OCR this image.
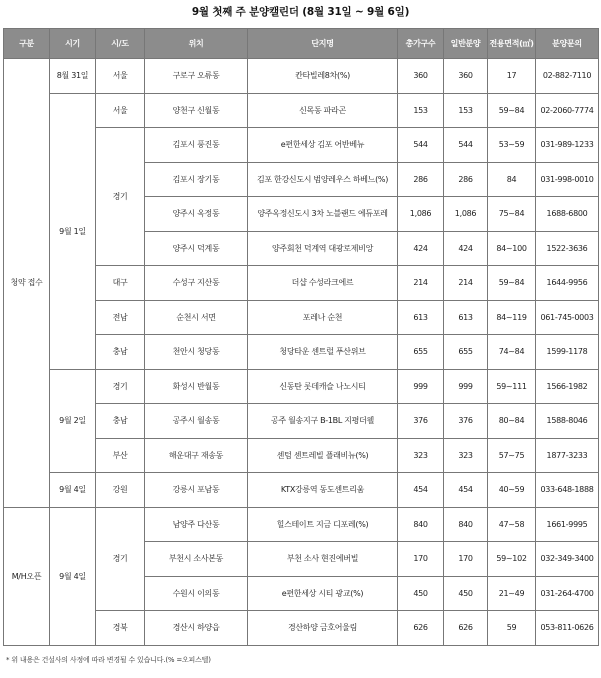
9월 첫째 주 분양캘린더 (8월 31일 ~ 9월 6일)
구분	시기	시/도	위치	단지명	총가구수	일반분양	전용면적(㎡)	분양문의
청약 접수	8월 31일	서울	구로구 오류동	칸타빌레8차(%)	360	360	17	02-882-7110
	9월 1일	서울	양천구 신월동	신목동 파라곤	153	153	59~84	02-2060-7774
		경기	김포시 풍진동	e편한세상 김포 어반베뉴	544	544	53~59	031-989-1233
			김포시 장기동	김포 한강신도시 범양레우스 하베느(%)	286	286	84	031-998-0010
			양주시 옥정동	양주옥정신도시 3차 노블랜드 에듀포레	1,086	1,086	75~84	1688-6800
			양주시 덕계동	양주회천 덕계역 대광로제비앙	424	424	84~100	1522-3636
		대구	수성구 지산동	더샵 수성라크에르	214	214	59~84	1644-9956
		전남	순천시 서면	포레나 순천	613	613	84~119	061-745-0003
		충남	천안시 청당동	청당타운 센트럴 푸산위브	655	655	74~84	1599-1178
	9월 2일	경기	화성시 반월동	신동탄 롯데캐슬 나노시티	999	999	59~111	1566-1982
		충남	공주시 월송동	공주 월송지구 B-1BL 지평더웰	376	376	80~84	1588-8046
		부산	해운대구 재송동	센텀 센트레빌 플래비뉴(%)	323	323	57~75	1877-3233
	9월 4일	강원	강릉시 포남동	KTX강릉역 동도센트리움	454	454	40~59	033-648-1888
M/H오픈	9월 4일	경기	남양주 다산동	힐스테이트 지금 디포레(%)	840	840	47~58	1661-9995
			부천시 소사본동	부천 소사 현진에버빌	170	170	59~102	032-349-3400
			수원시 이의동	e편한세상 시티 광교(%)	450	450	21~49	031-264-4700
		경북	경산시 하양읍	경산하양 금호어울림	626	626	59	053-811-0626
* 위 내용은 건설사의 사정에 따라 변경될 수 있습니다.(% =오피스텔)
